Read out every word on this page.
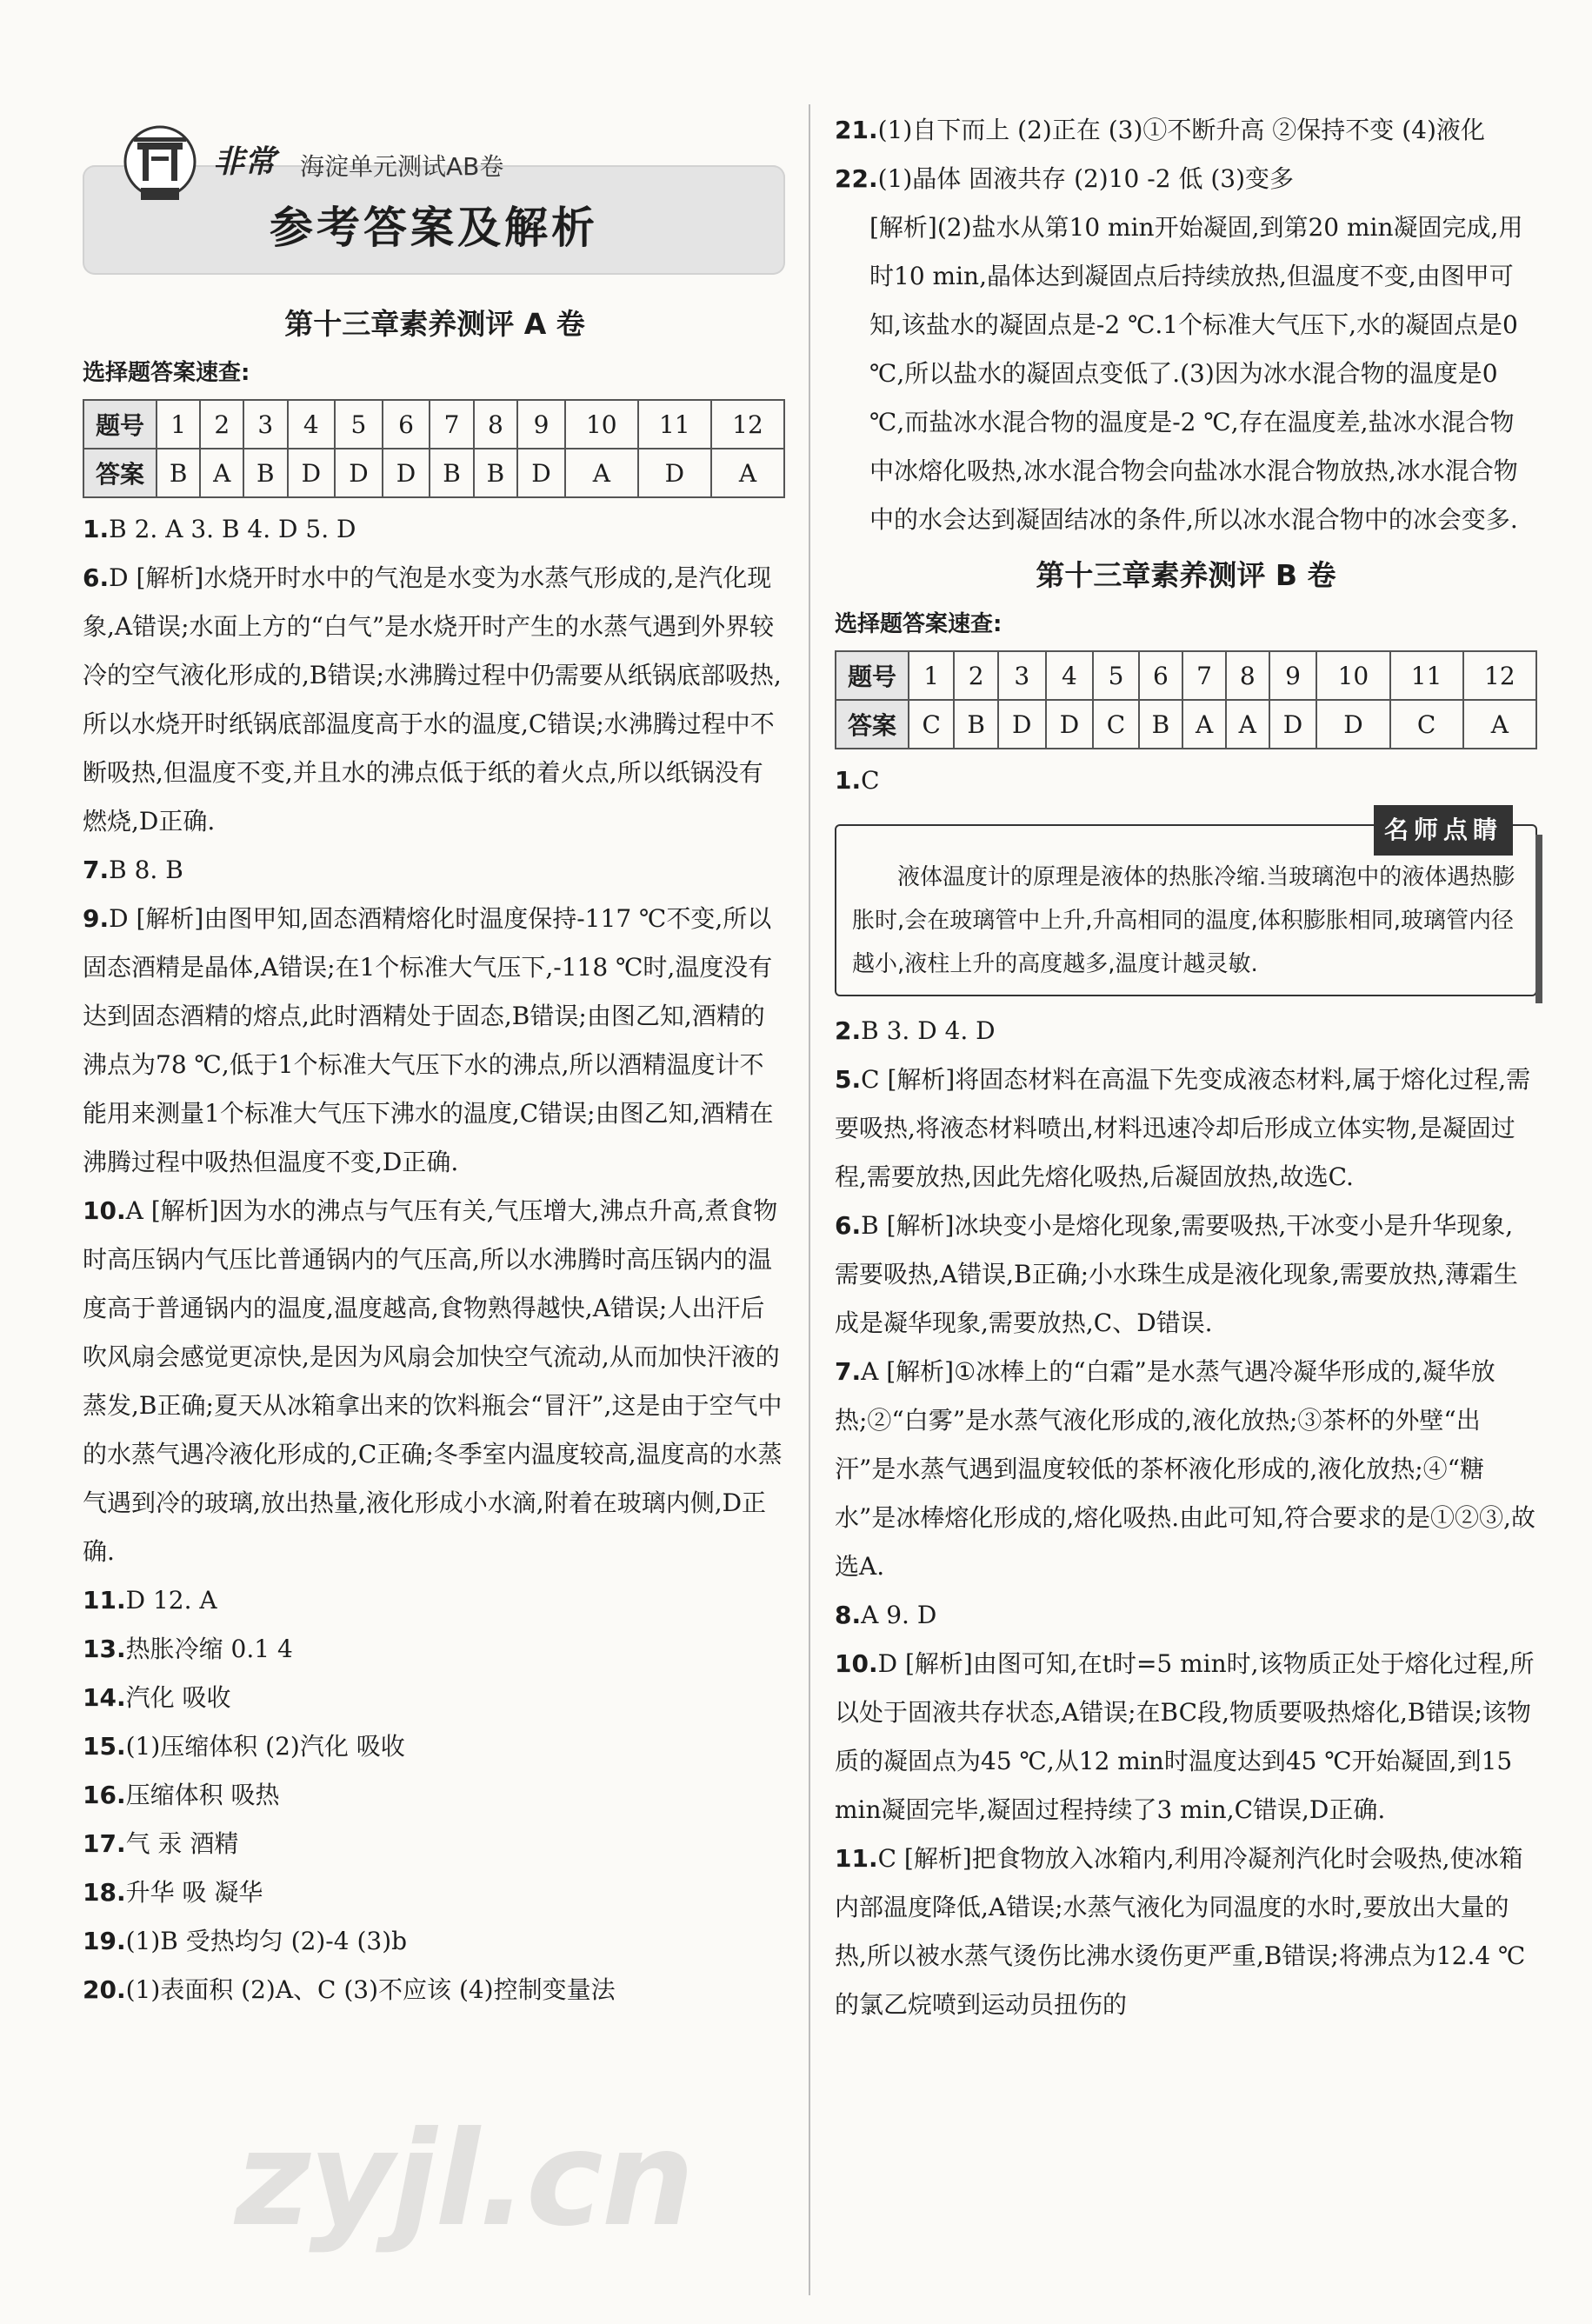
非常 海淀单元测试AB卷
参考答案及解析
第十三章素养测评 A 卷
选择题答案速查:
题号	1	2	3	4	5	6	7	8	9	10	11	12
答案	B	A	B	D	D	D	B	B	D	A	D	A

1.B 2. A 3. B 4. D 5. D

6.D [解析]水烧开时水中的气泡是水变为水蒸气形成的,是汽化现象,A错误;水面上方的“白气”是水烧开时产生的水蒸气遇到外界较冷的空气液化形成的,B错误;水沸腾过程中仍需要从纸锅底部吸热,所以水烧开时纸锅底部温度高于水的温度,C错误;水沸腾过程中不断吸热,但温度不变,并且水的沸点低于纸的着火点,所以纸锅没有燃烧,D正确.

7.B 8. B

9.D [解析]由图甲知,固态酒精熔化时温度保持-117 ℃不变,所以固态酒精是晶体,A错误;在1个标准大气压下,-118 ℃时,温度没有达到固态酒精的熔点,此时酒精处于固态,B错误;由图乙知,酒精的沸点为78 ℃,低于1个标准大气压下水的沸点,所以酒精温度计不能用来测量1个标准大气压下沸水的温度,C错误;由图乙知,酒精在沸腾过程中吸热但温度不变,D正确.

10.A [解析]因为水的沸点与气压有关,气压增大,沸点升高,煮食物时高压锅内气压比普通锅内的气压高,所以水沸腾时高压锅内的温度高于普通锅内的温度,温度越高,食物熟得越快,A错误;人出汗后吹风扇会感觉更凉快,是因为风扇会加快空气流动,从而加快汗液的蒸发,B正确;夏天从冰箱拿出来的饮料瓶会“冒汗”,这是由于空气中的水蒸气遇冷液化形成的,C正确;冬季室内温度较高,温度高的水蒸气遇到冷的玻璃,放出热量,液化形成小水滴,附着在玻璃内侧,D正确.

11.D 12. A

13.热胀冷缩 0.1 4

14.汽化 吸收

15.(1)压缩体积 (2)汽化 吸收

16.压缩体积 吸热

17.气 汞 酒精

18.升华 吸 凝华

19.(1)B 受热均匀 (2)-4 (3)b

20.(1)表面积 (2)A、C (3)不应该 (4)控制变量法

21.(1)自下而上 (2)正在 (3)①不断升高 ②保持不变 (4)液化

22.(1)晶体 固液共存 (2)10 -2 低 (3)变多

[解析](2)盐水从第10 min开始凝固,到第20 min凝固完成,用时10 min,晶体达到凝固点后持续放热,但温度不变,由图甲可知,该盐水的凝固点是-2 ℃.1个标准大气压下,水的凝固点是0 ℃,所以盐水的凝固点变低了.(3)因为冰水混合物的温度是0 ℃,而盐冰水混合物的温度是-2 ℃,存在温度差,盐冰水混合物中冰熔化吸热,冰水混合物会向盐冰水混合物放热,冰水混合物中的水会达到凝固结冰的条件,所以冰水混合物中的冰会变多.

第十三章素养测评 B 卷
选择题答案速查:
题号	1	2	3	4	5	6	7	8	9	10	11	12
答案	C	B	D	D	C	B	A	A	D	D	C	A

1.C

名师点睛
液体温度计的原理是液体的热胀冷缩.当玻璃泡中的液体遇热膨胀时,会在玻璃管中上升,升高相同的温度,体积膨胀相同,玻璃管内径越小,液柱上升的高度越多,温度计越灵敏.

2.B 3. D 4. D

5.C [解析]将固态材料在高温下先变成液态材料,属于熔化过程,需要吸热,将液态材料喷出,材料迅速冷却后形成立体实物,是凝固过程,需要放热,因此先熔化吸热,后凝固放热,故选C.

6.B [解析]冰块变小是熔化现象,需要吸热,干冰变小是升华现象,需要吸热,A错误,B正确;小水珠生成是液化现象,需要放热,薄霜生成是凝华现象,需要放热,C、D错误.

7.A [解析]①冰棒上的“白霜”是水蒸气遇冷凝华形成的,凝华放热;②“白雾”是水蒸气液化形成的,液化放热;③茶杯的外壁“出汗”是水蒸气遇到温度较低的茶杯液化形成的,液化放热;④“糖水”是冰棒熔化形成的,熔化吸热.由此可知,符合要求的是①②③,故选A.

8.A 9. D

10.D [解析]由图可知,在t时=5 min时,该物质正处于熔化过程,所以处于固液共存状态,A错误;在BC段,物质要吸热熔化,B错误;该物质的凝固点为45 ℃,从12 min时温度达到45 ℃开始凝固,到15 min凝固完毕,凝固过程持续了3 min,C错误,D正确.

11.C [解析]把食物放入冰箱内,利用冷凝剂汽化时会吸热,使冰箱内部温度降低,A错误;水蒸气液化为同温度的水时,要放出大量的热,所以被水蒸气烫伤比沸水烫伤更严重,B错误;将沸点为12.4 ℃的氯乙烷喷到运动员扭伤的

zyjl.cn
